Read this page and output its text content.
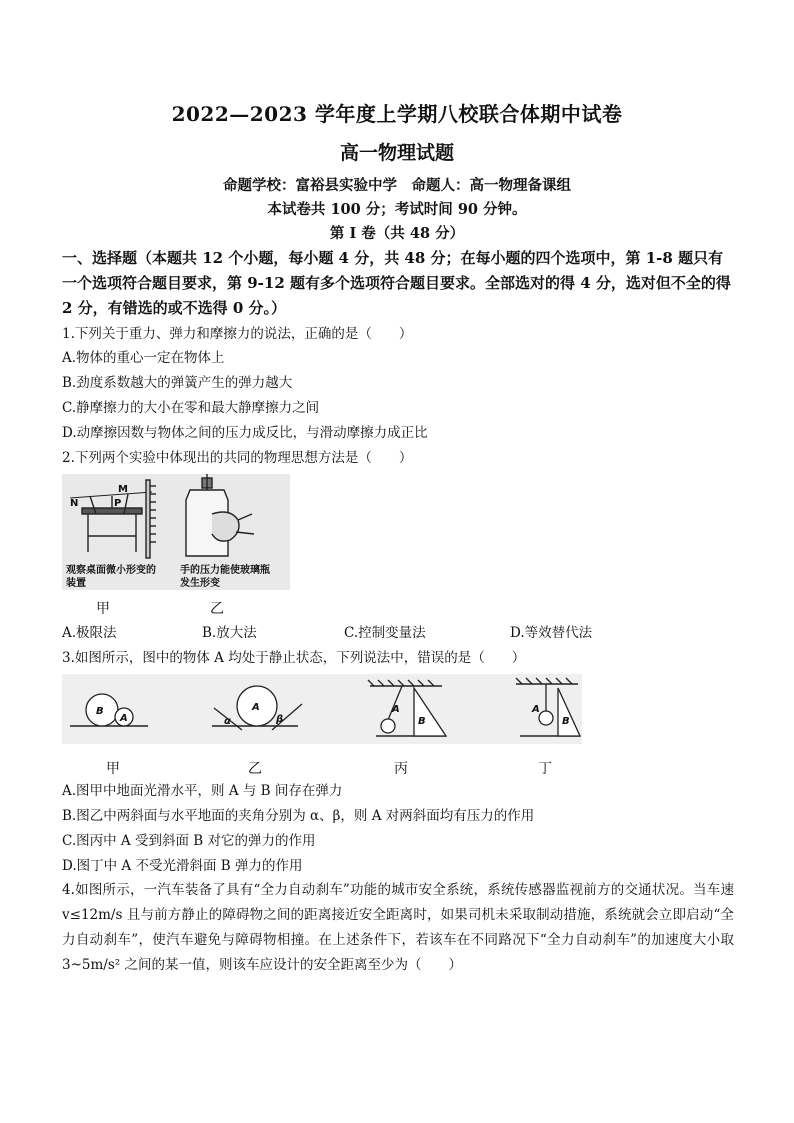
2022—2023 学年度上学期八校联合体期中试卷
高一物理试题
命题学校：富裕县实验中学　命题人：高一物理备课组
本试卷共 100 分；考试时间 90 分钟。
第 I 卷（共 48 分）
一、选择题（本题共 12 个小题，每小题 4 分，共 48 分；在每小题的四个选项中，第 1-8 题只有一个选项符合题目要求，第 9-12 题有多个选项符合题目要求。全部选对的得 4 分，选对但不全的得 2 分，有错选的或不选得 0 分。）
1.下列关于重力、弹力和摩擦力的说法，正确的是（　　）
A.物体的重心一定在物体上
B.劲度系数越大的弹簧产生的弹力越大
C.静摩擦力的大小在零和最大静摩擦力之间
D.动摩擦因数与物体之间的压力成反比，与滑动摩擦力成正比
2.下列两个实验中体现出的共同的物理思想方法是（　　）
N
M
P
观察桌面微小形变的装置
手的压力能使玻璃瓶发生形变
甲	乙
A.极限法	B.放大法	C.控制变量法	D.等效替代法
3.如图所示，图中的物体 A 均处于静止状态，下列说法中，错误的是（　　）
B
A
A
α	β
A
B
A
B
甲	乙	丙	丁
A.图甲中地面光滑水平，则 A 与 B 间存在弹力
B.图乙中两斜面与水平地面的夹角分别为 α、β，则 A 对两斜面均有压力的作用
C.图丙中 A 受到斜面 B 对它的弹力的作用
D.图丁中 A 不受光滑斜面 B 弹力的作用
4.如图所示，一汽车装备了具有“全力自动刹车”功能的城市安全系统，系统传感器监视前方的交通状况。当车速 v≤12m/s 且与前方静止的障碍物之间的距离接近安全距离时，如果司机未采取制动措施，系统就会立即启动“全力自动刹车”，使汽车避免与障碍物相撞。在上述条件下，若该车在不同路况下“全力自动刹车”的加速度大小取 3~5m/s² 之间的某一值，则该车应设计的安全距离至少为（　　）
